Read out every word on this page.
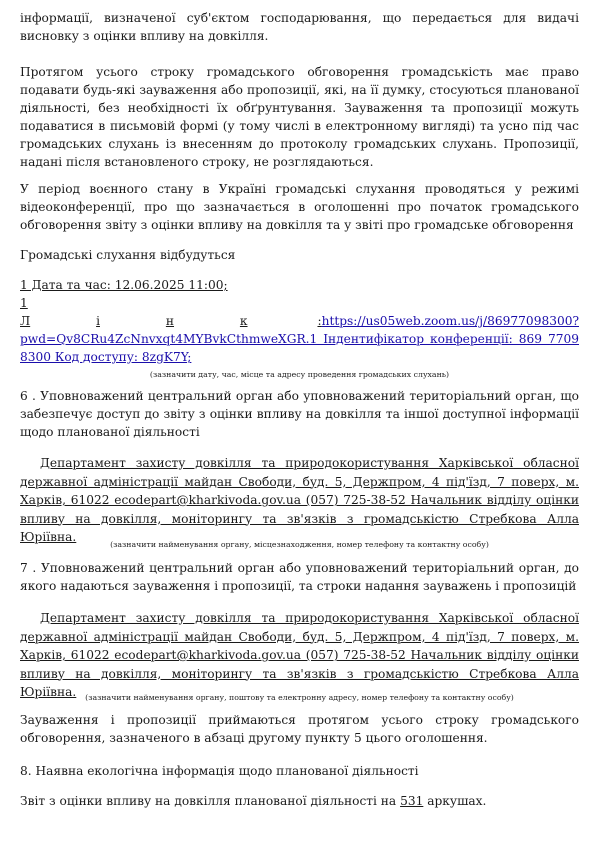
інформації, визначеної суб'єктом господарювання, що передається для видачі висновку з оцінки впливу на довкілля.

Протягом усього строку громадського обговорення громадськість має право подавати будь-які зауваження або пропозиції, які, на її думку, стосуються планованої діяльності, без необхідності їх обґрунтування. Зауваження та пропозиції можуть подаватися в письмовій формі (у тому числі в електронному вигляді) та усно під час громадських слухань із внесенням до протоколу громадських слухань. Пропозиції, надані після встановленого строку, не розглядаються.

У період воєнного стану в Україні громадські слухання проводяться у режимі відеоконференції, про що зазначається в оголошенні про початок громадського обговорення звіту з оцінки впливу на довкілля та у звіті про громадське обговорення

Громадські слухання відбудуться

1 Дата та час: 12.06.2025 11:00;
1
Л	і	н	к	: https://us05web.zoom.us/j/86977098300?
pwd=Qv8CRu4ZcNnvxqt4MYBvkCthmweXGR.1 Індентифікатор конференції: 869 7709
8300 Код доступу: 8zgK7Y;
(зазначити дату, час, місце та адресу проведення громадських слухань)

6 . Уповноважений центральний орган або уповноважений територіальний орган, що забезпечує доступ до звіту з оцінки впливу на довкілля та іншої доступної інформації щодо планованої діяльності

Департамент захисту довкілля та природокористування Харківської обласної державної адміністрації майдан Свободи, буд. 5, Держпром, 4 під'їзд, 7 поверх, м. Харків, 61022 ecodepart@kharkivoda.gov.ua (057) 725-38-52 Начальник відділу оцінки впливу на довкілля, моніторингу та зв'язків з громадськістю Стребкова Алла Юріївна.

(зазначити найменування органу, місцезнаходження, номер телефону та контактну особу)

7 . Уповноважений центральний орган або уповноважений територіальний орган, до якого надаються зауваження і пропозиції, та строки надання зауважень і пропозицій

Департамент захисту довкілля та природокористування Харківської обласної державної адміністрації майдан Свободи, буд. 5, Держпром, 4 під'їзд, 7 поверх, м. Харків, 61022 ecodepart@kharkivoda.gov.ua (057) 725-38-52 Начальник відділу оцінки впливу на довкілля, моніторингу та зв'язків з громадськістю Стребкова Алла Юріївна.	(зазначити найменування органу, поштову та електронну адресу, номер телефону та контактну особу)

Зауваження і пропозиції приймаються протягом усього строку громадського обговорення, зазначеного в абзаці другому пункту 5 цього оголошення.

8. Наявна екологічна інформація щодо планованої діяльності

Звіт з оцінки впливу на довкілля планованої діяльності на 531 аркушах.
